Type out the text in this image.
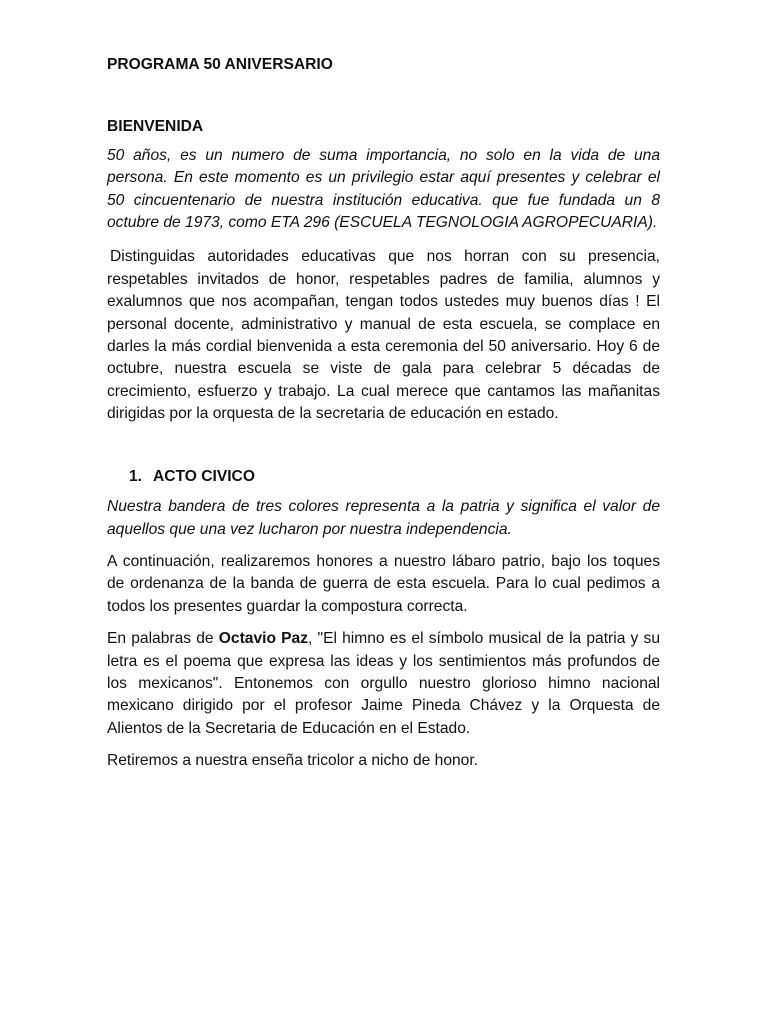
PROGRAMA 50 ANIVERSARIO

BIENVENIDA

50 años, es un numero de suma importancia, no solo en la vida de una persona. En este momento es un privilegio estar aquí presentes y celebrar el 50 cincuentenario de nuestra institución educativa. que fue fundada un 8 octubre de 1973, como ETA 296 (ESCUELA TEGNOLOGIA AGROPECUARIA).

Distinguidas autoridades educativas que nos horran con su presencia, respetables invitados de honor, respetables padres de familia, alumnos y exalumnos que nos acompañan, tengan todos ustedes muy buenos días ! El personal docente, administrativo y manual de esta escuela, se complace en darles la más cordial bienvenida a esta ceremonia del 50 aniversario. Hoy 6 de octubre, nuestra escuela se viste de gala para celebrar 5 décadas de crecimiento, esfuerzo y trabajo. La cual merece que cantamos las mañanitas dirigidas por la orquesta de la secretaria de educación en estado.

1. ACTO CIVICO

Nuestra bandera de tres colores representa a la patria y significa el valor de aquellos que una vez lucharon por nuestra independencia.

A continuación, realizaremos honores a nuestro lábaro patrio, bajo los toques de ordenanza de la banda de guerra de esta escuela. Para lo cual pedimos a todos los presentes guardar la compostura correcta.

En palabras de Octavio Paz, "El himno es el símbolo musical de la patria y su letra es el poema que expresa las ideas y los sentimientos más profundos de los mexicanos". Entonemos con orgullo nuestro glorioso himno nacional mexicano dirigido por el profesor Jaime Pineda Chávez y la Orquesta de Alientos de la Secretaria de Educación en el Estado.

Retiremos a nuestra enseña tricolor a nicho de honor.
